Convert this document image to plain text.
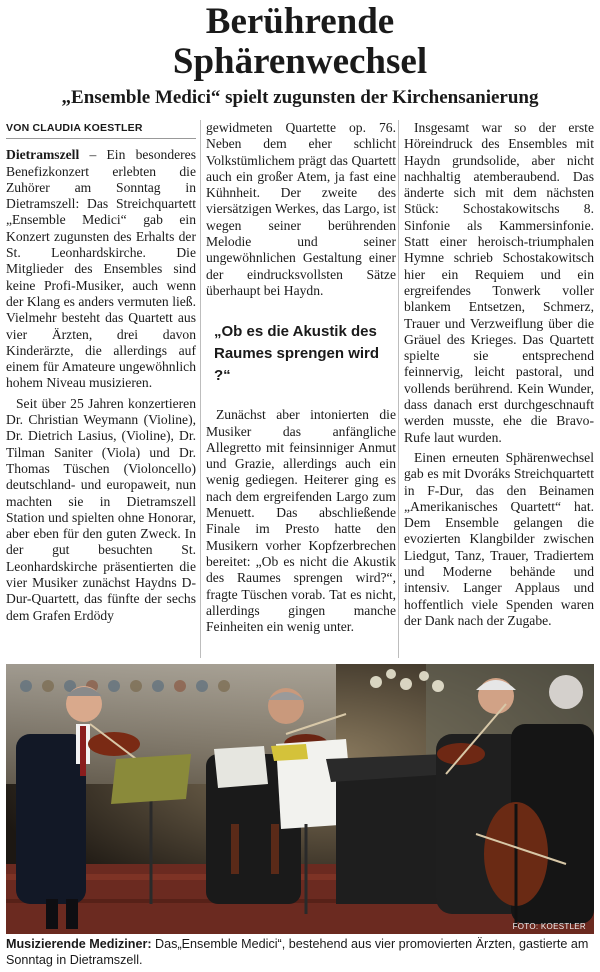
Berührende
Sphärenwechsel
„Ensemble Medici“ spielt zugunsten der Kirchensanierung
VON CLAUDIA KOESTLER

Dietramszell – Ein besonderes Benefizkonzert erlebten die Zuhörer am Sonntag in Dietramszell: Das Streichquartett „Ensemble Medici“ gab ein Konzert zugunsten des Erhalts der St. Leonhardskirche. Die Mitglieder des Ensembles sind keine Profi-Musiker, auch wenn der Klang es anders vermuten ließ. Vielmehr besteht das Quartett aus vier Ärzten, drei davon Kinderärzte, die allerdings auf einem für Amateure ungewöhnlich hohem Niveau musizieren.

Seit über 25 Jahren konzertieren Dr. Christian Weymann (Violine), Dr. Dietrich Lasius, (Violine), Dr. Tilman Saniter (Viola) und Dr. Thomas Tüschen (Violoncello) deutschland- und europaweit, nun machten sie in Dietramszell Station und spielten ohne Honorar, aber eben für den guten Zweck. In der gut besuchten St. Leonhardskirche präsentierten die vier Musiker zunächst Haydns D-Dur-Quartett, das fünfte der sechs dem Grafen Erdödy

gewidmeten Quartette op. 76. Neben dem eher schlicht Volkstümlichem prägt das Quartett auch ein großer Atem, ja fast eine Kühnheit. Der zweite des viersätzigen Werkes, das Largo, ist wegen seiner berührenden Melodie und seiner ungewöhnlichen Gestaltung einer der eindrucksvollsten Sätze überhaupt bei Haydn.

„Ob es die Akustik des Raumes sprengen wird ?“

Zunächst aber intonierten die Musiker das anfängliche Allegretto mit feinsinniger Anmut und Grazie, allerdings auch ein wenig gediegen. Heiterer ging es nach dem ergreifenden Largo zum Menuett. Das abschließende Finale im Presto hatte den Musikern vorher Kopfzerbrechen bereitet: „Ob es nicht die Akustik des Raumes sprengen wird?“, fragte Tüschen vorab. Tat es nicht, allerdings gingen manche Feinheiten ein wenig unter.

Insgesamt war so der erste Höreindruck des Ensembles mit Haydn grundsolide, aber nicht nachhaltig atemberaubend. Das änderte sich mit dem nächsten Stück: Schostakowitschs 8. Sinfonie als Kammersinfonie. Statt einer heroisch-triumphalen Hymne schrieb Schostakowitsch hier ein Requiem und ein ergreifendes Tonwerk voller blankem Entsetzen, Schmerz, Trauer und Verzweiflung über die Gräuel des Krieges. Das Quartett spielte sie entsprechend feinnervig, leicht pastoral, und vollends berührend. Kein Wunder, dass danach erst durchgeschnauft werden musste, ehe die Bravo-Rufe laut wurden.

Einen erneuten Sphärenwechsel gab es mit Dvoráks Streichquartett in F-Dur, das den Beinamen „Amerikanisches Quartett“ hat. Dem Ensemble gelangen die evozierten Klangbilder zwischen Liedgut, Tanz, Trauer, Tradiertem und Moderne behände und intensiv. Langer Applaus und hoffentlich viele Spenden waren der Dank nach der Zugabe.

FOTO: KOESTLER
Musizierende Mediziner: Das„Ensemble Medici“, bestehend aus vier promovierten Ärzten, gastierte am Sonntag in Dietramszell.
